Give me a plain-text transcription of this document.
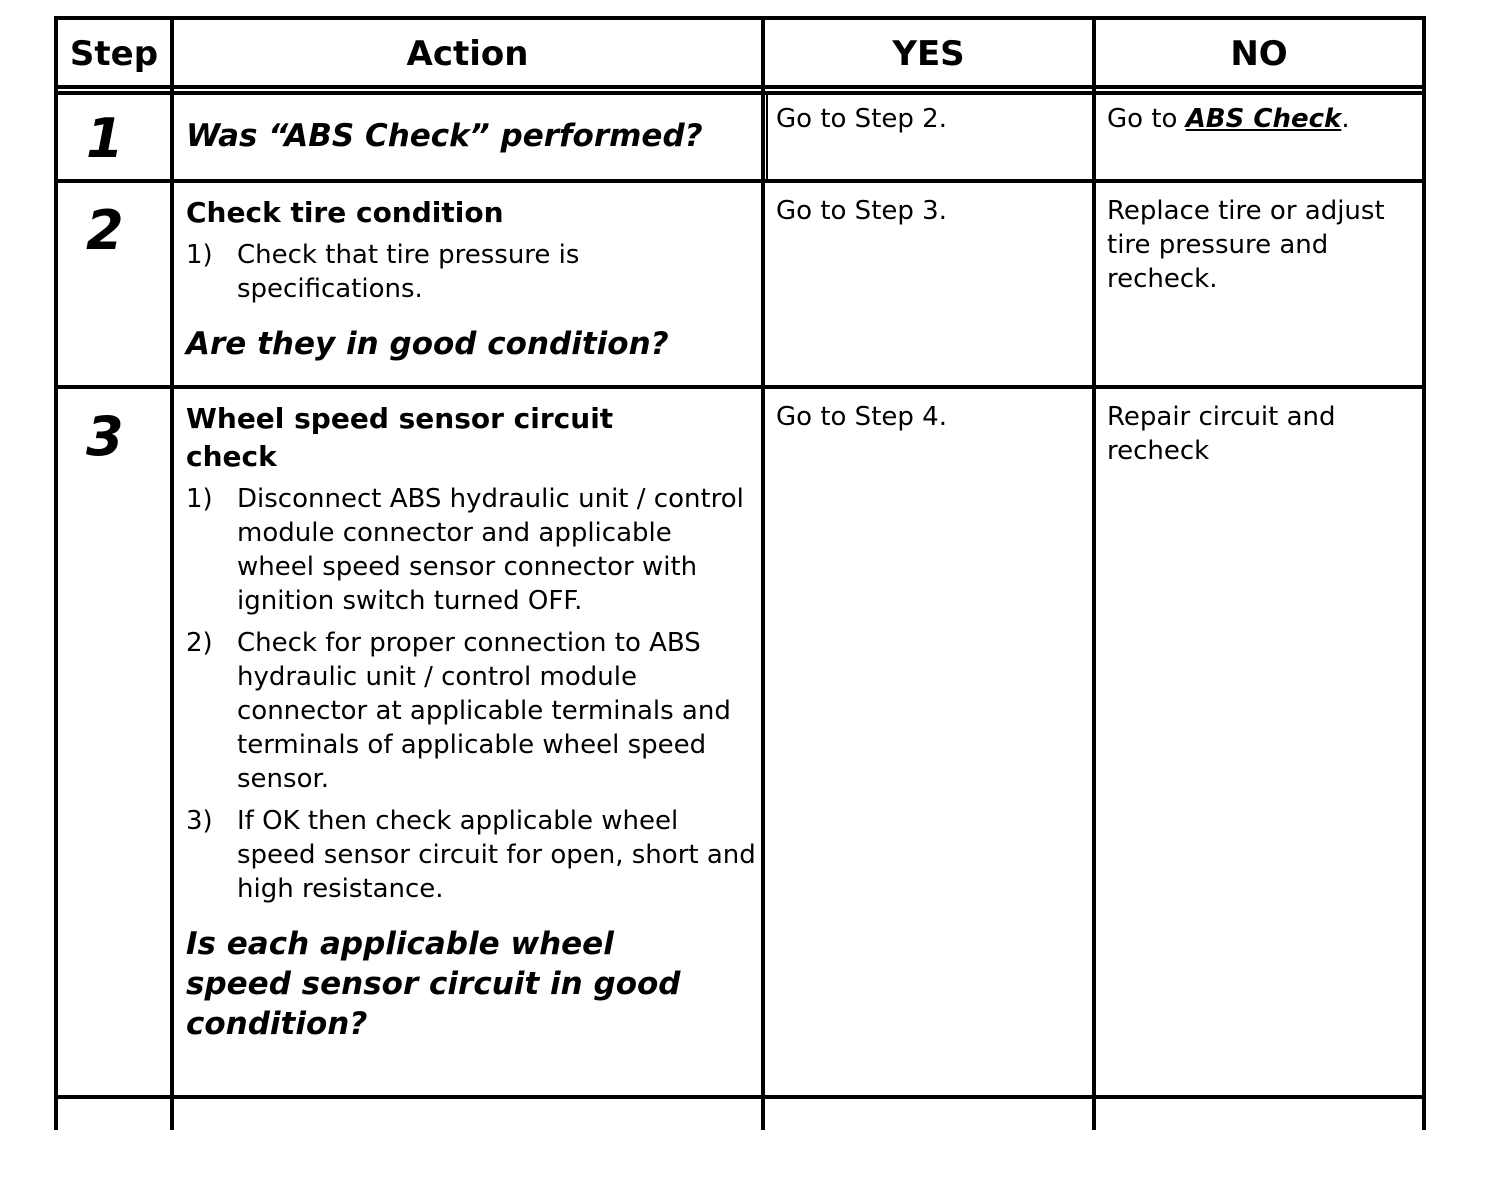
Step	Action	YES	NO
1 Was “ABS Check” performed?	Go to Step 2.	Go to ABS Check.
2 Check tire condition
1) Check that tire pressure is specifications.
Are they in good condition?
Go to Step 3.	Replace tire or adjust tire pressure and recheck.
3 Wheel speed sensor circuit check
1) Disconnect ABS hydraulic unit / control module connector and applicable wheel speed sensor connector with ignition switch turned OFF.
2) Check for proper connection to ABS hydraulic unit / control module connector at applicable terminals and terminals of applicable wheel speed sensor.
3) If OK then check applicable wheel speed sensor circuit for open, short and high resistance.
Is each applicable wheel speed sensor circuit in good condition?
Go to Step 4.	Repair circuit and recheck
